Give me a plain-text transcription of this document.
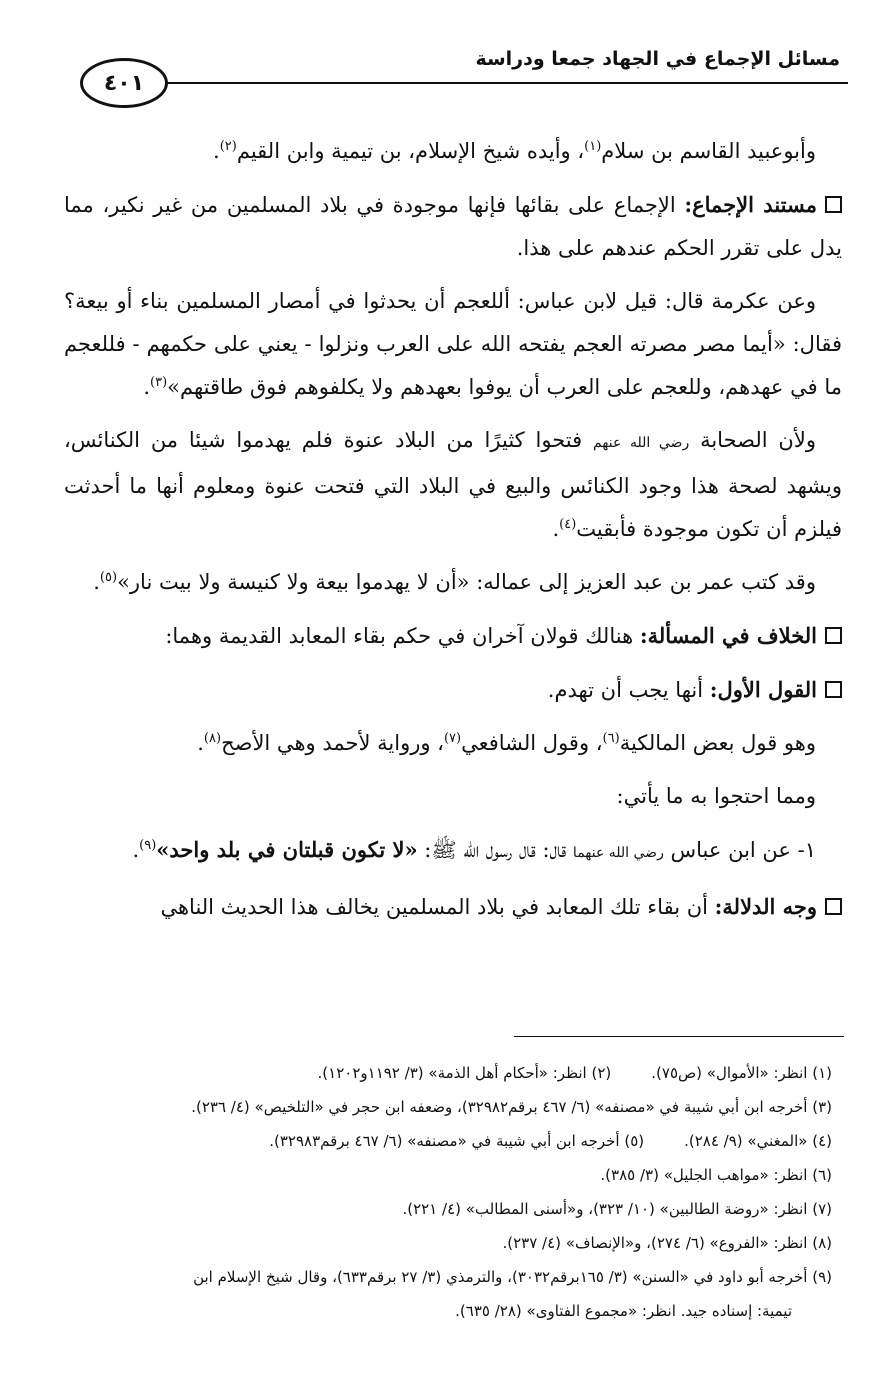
مسائل الإجماع في الجهاد جمعا ودراسة
٤٠١

وأبوعبيد القاسم بن سلام$^{(١)}$، وأيده شيخ الإسلام، بن تيمية وابن القيم$^{(٢)}$.

مستند الإجماع: الإجماع على بقائها فإنها موجودة في بلاد المسلمين من غير نكير، مما يدل على تقرر الحكم عندهم على هذا.

وعن عكرمة قال: قيل لابن عباس: أللعجم أن يحدثوا في أمصار المسلمين بناء أو بيعة؟ فقال: «أيما مصر مصرته العجم يفتحه الله على العرب ونزلوا - يعني على حكمهم - فللعجم ما في عهدهم، وللعجم على العرب أن يوفوا بعهدهم ولا يكلفوهم فوق طاقتهم»$^{(٣)}$.

ولأن الصحابة رضي الله عنهم فتحوا كثيرًا من البلاد عنوة فلم يهدموا شيئا من الكنائس، ويشهد لصحة هذا وجود الكنائس والبيع في البلاد التي فتحت عنوة ومعلوم أنها ما أحدثت فيلزم أن تكون موجودة فأبقيت$^{(٤)}$.

وقد كتب عمر بن عبد العزيز إلى عماله: «أن لا يهدموا بيعة ولا كنيسة ولا بيت نار»$^{(٥)}$.

الخلاف في المسألة: هنالك قولان آخران في حكم بقاء المعابد القديمة وهما:

القول الأول: أنها يجب أن تهدم.

وهو قول بعض المالكية$^{(٦)}$، وقول الشافعي$^{(٧)}$، ورواية لأحمد وهي الأصح$^{(٨)}$.

ومما احتجوا به ما يأتي:

١- عن ابن عباس رضي الله عنهما قال: قال رسول الله ﷺ: «لا تكون قبلتان في بلد واحد»$^{(٩)}$.

وجه الدلالة: أن بقاء تلك المعابد في بلاد المسلمين يخالف هذا الحديث الناهي

(١) انظر: «الأموال» (ص٧٥).(٢) انظر: «أحكام أهل الذمة» (٣/ ١١٩٢و١٢٠٢).
(٣) أخرجه ابن أبي شيبة في «مصنفه» (٦/ ٤٦٧ برقم٣٢٩٨٢)، وضعفه ابن حجر في «التلخيص» (٤/ ٢٣٦).
(٤) «المغني» (٩/ ٢٨٤).(٥) أخرجه ابن أبي شيبة في «مصنفه» (٦/ ٤٦٧ برقم٣٢٩٨٣).
(٦) انظر: «مواهب الجليل» (٣/ ٣٨٥).
(٧) انظر: «روضة الطالبين» (١٠/ ٣٢٣)، و«أسنى المطالب» (٤/ ٢٢١).
(٨) انظر: «الفروع» (٦/ ٢٧٤)، و«الإنصاف» (٤/ ٢٣٧).
(٩) أخرجه أبو داود في «السنن» (٣/ ١٦٥برقم٣٠٣٢)، والترمذي (٣/ ٢٧ برقم٦٣٣)، وقال شيخ الإسلام ابن
تيمية: إسناده جيد. انظر: «مجموع الفتاوى» (٢٨/ ٦٣٥).
